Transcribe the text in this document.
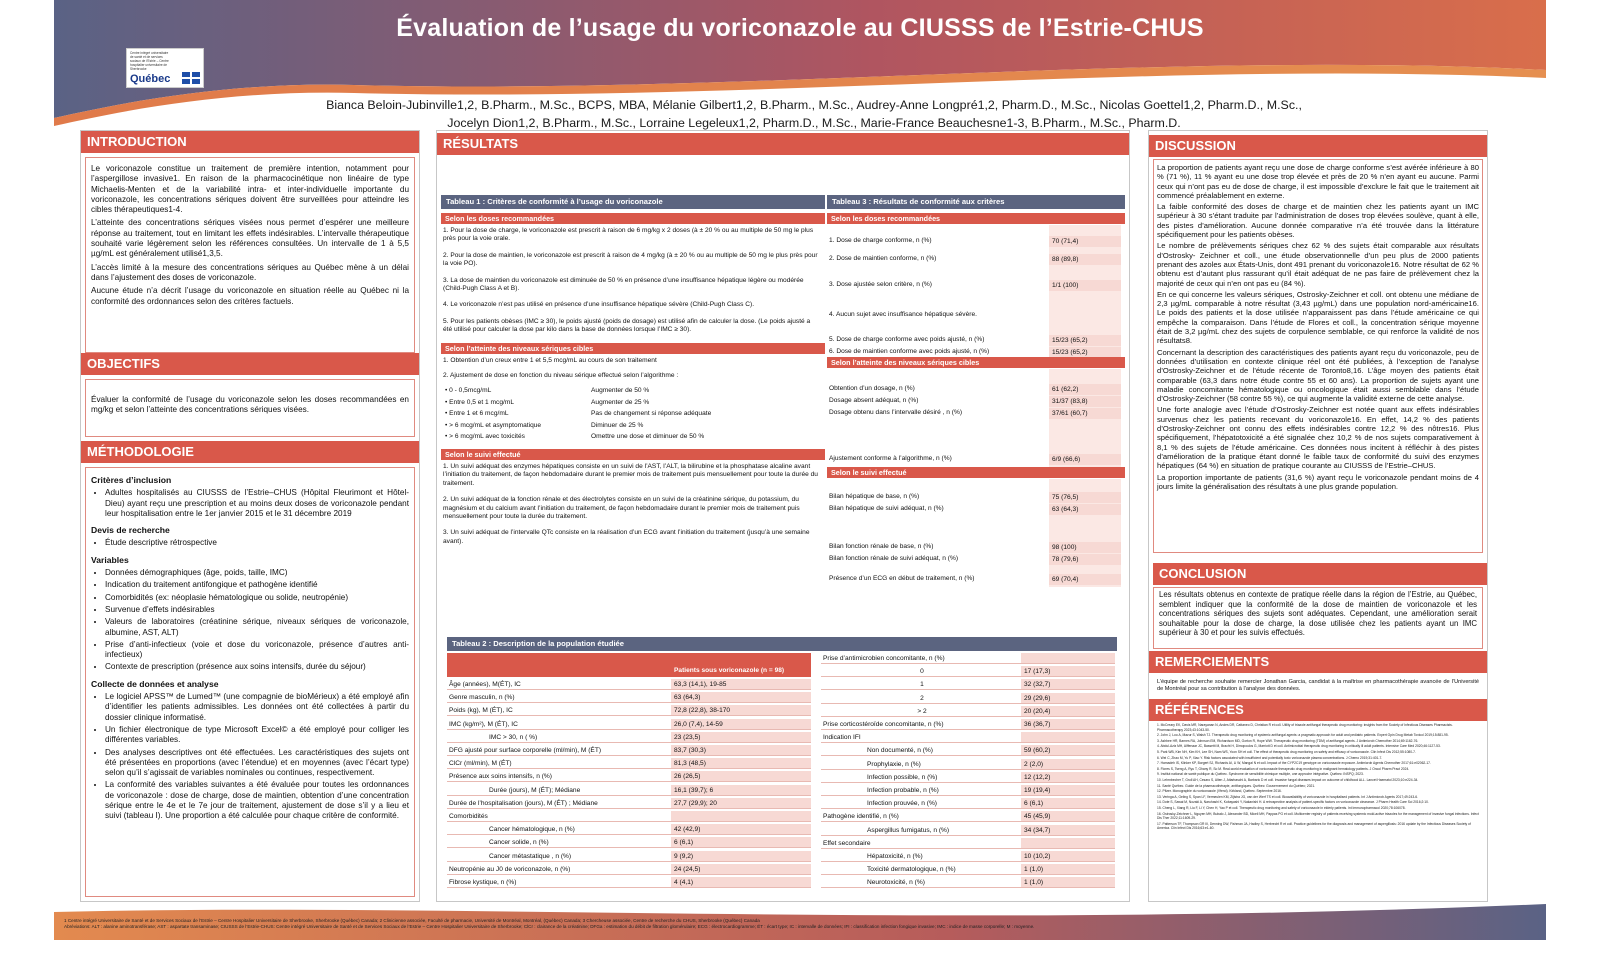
Évaluation de l’usage du voriconazole au CIUSSS de l’Estrie-CHUS
Centre intégré universitaire de santé et de services sociaux de l’Estrie – Centre hospitalier universitaire de Sherbrooke
Québec
Bianca Beloin-Jubinville1,2, B.Pharm., M.Sc., BCPS, MBA, Mélanie Gilbert1,2, B.Pharm., M.Sc., Audrey-Anne Longpré1,2, Pharm.D., M.Sc., Nicolas Goettel1,2, Pharm.D., M.Sc.,
Jocelyn Dion1,2, B.Pharm., M.Sc., Lorraine Legeleux1,2, Pharm.D., M.Sc., Marie-France Beauchesne1-3, B.Pharm., M.Sc., Pharm.D.
INTRODUCTION

Le voriconazole constitue un traitement de première intention, notamment pour l’aspergillose invasive1. En raison de la pharmacocinétique non linéaire de type Michaelis-Menten et de la variabilité intra- et inter-individuelle importante du voriconazole, les concentrations sériques doivent être surveillées pour atteindre les cibles thérapeutiques1-4.

L’atteinte des concentrations sériques visées nous permet d’espérer une meilleure réponse au traitement, tout en limitant les effets indésirables. L’intervalle thérapeutique souhaité varie légèrement selon les références consultées. Un intervalle de 1 à 5,5 µg/mL est généralement utilisé1,3,5.

L’accès limité à la mesure des concentrations sériques au Québec mène à un délai dans l’ajustement des doses de voriconazole.

Aucune étude n’a décrit l’usage du voriconazole en situation réelle au Québec ni la conformité des ordonnances selon des critères factuels.

OBJECTIFS
Évaluer la conformité de l’usage du voriconazole selon les doses recommandées en mg/kg et selon l’atteinte des concentrations sériques visées.
MÉTHODOLOGIE
Critères d’inclusion
• Adultes hospitalisés au CIUSSS de l’Estrie–CHUS (Hôpital Fleurimont et Hôtel-Dieu) ayant reçu une prescription et au moins deux doses de voriconazole pendant leur hospitalisation entre le 1er janvier 2015 et le 31 décembre 2019
Devis de recherche
• Étude descriptive rétrospective
Variables
• Données démographiques (âge, poids, taille, IMC)
• Indication du traitement antifongique et pathogène identifié
• Comorbidités (ex: néoplasie hématologique ou solide, neutropénie)
• Survenue d’effets indésirables
• Valeurs de laboratoires (créatinine sérique, niveaux sériques de voriconazole, albumine, AST, ALT)
• Prise d’anti-infectieux (voie et dose du voriconazole, présence d’autres anti-infectieux)
• Contexte de prescription (présence aux soins intensifs, durée du séjour)
Collecte de données et analyse
• Le logiciel APSS™ de Lumed™ (une compagnie de bioMérieux) a été employé afin d’identifier les patients admissibles. Les données ont été collectées à partir du dossier clinique informatisé.
• Un fichier électronique de type Microsoft Excel© a été employé pour colliger les différentes variables.
• Des analyses descriptives ont été effectuées. Les caractéristiques des sujets ont été présentées en proportions (avec l’étendue) et en moyennes (avec l’écart type) selon qu’il s’agissait de variables nominales ou continues, respectivement.
• La conformité des variables suivantes a été évaluée pour toutes les ordonnances de voriconazole : dose de charge, dose de maintien, obtention d’une concentration sérique entre le 4e et le 7e jour de traitement, ajustement de dose s’il y a lieu et suivi (tableau I). Une proportion a été calculée pour chaque critère de conformité.
RÉSULTATS
Tableau 1 : Critères de conformité à l’usage du voriconazole
Selon les doses recommandées
1. Pour la dose de charge, le voriconazole est prescrit à raison de 6 mg/kg x 2 doses (à ± 20 % ou au multiple de 50 mg le plus près pour la voie orale.
2. Pour la dose de maintien, le voriconazole est prescrit à raison de 4 mg/kg (à ± 20 % ou au multiple de 50 mg le plus près pour la voie PO).
3. La dose de maintien du voriconazole est diminuée de 50 % en présence d’une insuffisance hépatique légère ou modérée (Child-Pugh Class A et B).
4. Le voriconazole n’est pas utilisé en présence d’une insuffisance hépatique sévère (Child-Pugh Class C).
5. Pour les patients obèses (IMC ≥ 30), le poids ajusté (poids de dosage) est utilisé afin de calculer la dose. (Le poids ajusté a été utilisé pour calculer la dose par kilo dans la base de données lorsque l’IMC ≥ 30).
Selon l’atteinte des niveaux sériques cibles
1. Obtention d’un creux entre 1 et 5,5 mcg/mL au cours de son traitement
2. Ajustement de dose en fonction du niveau sérique effectué selon l’algorithme :
• 0 - 0,5mcg/mL	Augmenter de 50 %
• Entre 0,5 et 1 mcg/mL	Augmenter de 25 %
• Entre 1 et 6 mcg/mL	Pas de changement si réponse adéquate
• > 6 mcg/mL et asymptomatique	Diminuer de 25 %
• > 6 mcg/mL avec toxicités	Omettre une dose et diminuer de 50 %
Selon le suivi effectué
1. Un suivi adéquat des enzymes hépatiques consiste en un suivi de l’AST, l’ALT, la bilirubine et la phosphatase alcaline avant l’initiation du traitement, de façon hebdomadaire durant le premier mois de traitement puis mensuellement pour toute la durée du traitement.
2. Un suivi adéquat de la fonction rénale et des électrolytes consiste en un suivi de la créatinine sérique, du potassium, du magnésium et du calcium avant l’initiation du traitement, de façon hebdomadaire durant le premier mois de traitement puis mensuellement pour toute la durée du traitement.
3. Un suivi adéquat de l’intervalle QTc consiste en la réalisation d’un ECG avant l’initiation du traitement (jusqu’à une semaine avant).
Tableau 3 : Résultats de conformité aux critères
Selon les doses recommandées
1. Dose de charge conforme, n (%)	70 (71,4)
2. Dose de maintien conforme, n (%)	88 (89,8)
3. Dose ajustée selon critère, n (%)	1/1 (100)
4. Aucun sujet avec insuffisance hépatique sévère.
5. Dose de charge conforme avec poids ajusté, n (%)	15/23 (65,2)
6. Dose de maintien conforme avec poids ajusté, n (%)	15/23 (65,2)
Selon l’atteinte des niveaux sériques cibles
Obtention d’un dosage, n (%)	61 (62,2)
Dosage absent adéquat, n (%)	31/37 (83,8)
Dosage obtenu dans l’intervalle désiré , n (%)	37/61 (60,7)
Ajustement conforme à l’algorithme, n (%)	6/9 (66,6)
Selon le suivi effectué
Bilan hépatique de base, n (%)	75 (76,5)
Bilan hépatique de suivi adéquat, n (%)	63 (64,3)
Bilan fonction rénale de base, n (%)	98 (100)
Bilan fonction rénale de suivi adéquat, n (%)	78 (79,6)
Présence d’un ECG en début de traitement, n (%)	69 (70,4)
Tableau 2 : Description de la population étudiée
Patients sous voriconazole (n = 98)
Âge (années), M(ÉT), IC	63,3 (14,1), 19-85
Genre masculin, n (%)	63 (64,3)
Poids (kg), M (ÉT), IC	72,8 (22,8), 38-170
IMC (kg/m²), M (ÉT), IC	26,0 (7,4), 14-59
IMC > 30, n ( %)	23 (23,5)
DFG ajusté pour surface corporelle (ml/min), M (ÉT)	83,7 (30,3)
ClCr (ml/min), M (ÉT)	81,3 (48,5)
Présence aux soins intensifs, n (%)	26 (26,5)
Durée (jours), M (ÉT); Médiane	16,1 (39,7); 6
Durée de l’hospitalisation (jours), M (ÉT) ; Médiane	27,7 (29,9); 20
Comorbidités
Cancer hématologique, n (%)	42 (42,9)
Cancer solide, n (%)	6 (6,1)
Cancer métastatique , n (%)	9 (9,2)
Neutropénie au J0 de voriconazole, n (%)	24 (24,5)
Fibrose kystique, n (%)	4 (4,1)
Prise d’antimicrobien concomitante, n (%)
0	17 (17,3)
1	32 (32,7)
2	29 (29,6)
> 2	20 (20,4)
Prise corticostéroïde concomitante, n (%)	36 (36,7)
Indication IFI
Non documenté, n (%)	59 (60,2)
Prophylaxie, n (%)	2 (2,0)
Infection possible, n (%)	12 (12,2)
Infection probable, n (%)	19 (19,4)
Infection prouvée, n (%)	6 (6,1)
Pathogène identifié, n (%)	45 (45,9)
Aspergillus fumigatus, n (%)	34 (34,7)
Effet secondaire
Hépatoxicité, n (%)	10 (10,2)
Toxicité dermatologique, n (%)	1 (1,0)
Neurotoxicité, n (%)	1 (1,0)
DISCUSSION

La proportion de patients ayant reçu une dose de charge conforme s’est avérée inférieure à 80 % (71 %), 11 % ayant eu une dose trop élevée et près de 20 % n’en ayant eu aucune. Parmi ceux qui n’ont pas eu de dose de charge, il est impossible d’exclure le fait que le traitement ait commencé préalablement en externe.

La faible conformité des doses de charge et de maintien chez les patients ayant un IMC supérieur à 30 s’étant traduite par l’administration de doses trop élevées soulève, quant à elle, des pistes d’amélioration. Aucune donnée comparative n’a été trouvée dans la littérature spécifiquement pour les patients obèses.

Le nombre de prélèvements sériques chez 62 % des sujets était comparable aux résultats d’Ostrosky- Zeichner et coll., une étude observationnelle d’un peu plus de 2000 patients prenant des azoles aux États-Unis, dont 491 prenant du voriconazole16. Notre résultat de 62 % obtenu est d’autant plus rassurant qu’il était adéquat de ne pas faire de prélèvement chez la majorité de ceux qui n’en ont pas eu (84 %).

En ce qui concerne les valeurs sériques, Ostrosky-Zeichner et coll. ont obtenu une médiane de 2,3 µg/mL comparable à notre résultat (3,43 µg/mL) dans une population nord-américaine16. Le poids des patients et la dose utilisée n’apparaissent pas dans l’étude américaine ce qui empêche la comparaison. Dans l’étude de Flores et coll., la concentration sérique moyenne était de 3,2 µg/mL chez des sujets de corpulence semblable, ce qui renforce la validité de nos résultats8.

Concernant la description des caractéristiques des patients ayant reçu du voriconazole, peu de données d’utilisation en contexte clinique réel ont été publiées, à l’exception de l’analyse d’Ostrosky-Zeichner et de l’étude récente de Toronto8,16. L’âge moyen des patients était comparable (63,3 dans notre étude contre 55 et 60 ans). La proportion de sujets ayant une maladie concomitante hématologique ou oncologique était aussi semblable dans l’étude d’Ostrosky-Zeichner (58 contre 55 %), ce qui augmente la validité externe de cette analyse.

Une forte analogie avec l’étude d’Ostrosky-Zeichner est notée quant aux effets indésirables survenus chez les patients recevant du voriconazole16. En effet, 14,2 % des patients d’Ostrosky-Zeichner ont connu des effets indésirables contre 12,2 % des nôtres16. Plus spécifiquement, l’hépatotoxicité a été signalée chez 10,2 % de nos sujets comparativement à 8,1 % des sujets de l’étude américaine. Ces données nous incitent à réfléchir à des pistes d’amélioration de la pratique étant donné le faible taux de conformité du suivi des enzymes hépatiques (64 %) en situation de pratique courante au CIUSSS de l’Estrie–CHUS.

La proportion importante de patients (31,6 %) ayant reçu le voriconazole pendant moins de 4 jours limite la généralisation des résultats à une plus grande population.

CONCLUSION
Les résultats obtenus en contexte de pratique réelle dans la région de l’Estrie, au Québec, semblent indiquer que la conformité de la dose de maintien de voriconazole et les concentrations sériques des sujets sont adéquates. Cependant, une amélioration serait souhaitable pour la dose de charge, la dose utilisée chez les patients ayant un IMC supérieur à 30 et pour les suivis effectués.
REMERCIEMENTS
L’équipe de recherche souhaite remercier Jonathan Garcia, candidat à la maîtrise en pharmacothérapie avancée de l’Université de Montréal pour sa contribution à l’analyse des données.
RÉFÉRENCES
1. McCreary EK, Davis MR, Narayanan N, Andes DR, Cattaneo D, Christian R et coll. Utility of triazole antifungal therapeutic drug monitoring: insights from the Society of Infectious Diseases Pharmacists. Pharmacotherapy 2023;43:1043-50.
2. John J, Loo A, Mazur S, Walsh TJ. Therapeutic drug monitoring of systemic antifungal agents: a pragmatic approach for adult and pediatric patients. Expert Opin Drug Metab Toxicol 2019;15:881-95.
3. Ashbee HR, Barnes RA, Johnson EM, Richardson MD, Gorton R, Hope WW. Therapeutic drug monitoring (TDM) of antifungal agents. J Antimicrob Chemother 2014;69:1162-76.
4. Abdul-Aziz MH, Alffenaar JC, Bassetti M, Bracht H, Dimopoulos G, Marriott D et coll. Antimicrobial therapeutic drug monitoring in critically ill adult patients. Intensive Care Med 2020;46:1127-53.
5. Park WB, Kim NH, Kim KH, Lee SH, Nam WS, Yoon SH et coll. The effect of therapeutic drug monitoring on safety and efficacy of voriconazole. Clin Infect Dis 2012;55:1080-7.
6. Wei C, Zhao M, Yu P, Xiao Y. Risk factors associated with insufficient and potentially toxic voriconazole plasma concentrations. J Chemo 2019;31:401-7.
7. Hamadeh IS, Klinker KP, Borgert SJ, Richards AI, Li W, Mangal N et coll. Impact of the CYP2C19 genotype on voriconazole exposure. Antimicrob Agents Chemother 2017;61:e02062-17.
8. Flores S, Tseng A, Ryu T, Ghany R, So M. Real-world evaluation of voriconazole therapeutic drug monitoring in malignant hematology patients. J Oncol Pharm Pract 2024.
9. Institut national de santé publique du Québec. Syndrome de sensibilité chimique multiple, une approche intégrative. Québec: INSPQ; 2023.
10. Lehrnbecher T, Groll AH, Cesaro S, Alten J, Attarbaschi A, Barbaric D et coll. Invasive fungal diseases impact on outcome of childhood ALL. Lancet Haematol 2023;10:e224-34.
11. Santé Québec. Guide de la pharmacothérapie, antifongiques. Québec: Gouvernement du Québec; 2021.
12. Pfizer. Monographie du voriconazole (Vfend). Kirkland, Québec. Septembre 2016.
13. Veringa A, Geling S, Span LF, Vermeulen KM, Zijlstra JG, van der Werf TS et coll. Bioavailability of voriconazole in hospitalised patients. Int J Antimicrob Agents 2017;49:243-6.
14. Dote S, Sawai M, Nozaki A, Naruhashi K, Kobayashi Y, Nakanishi H. A retrospective analysis of patient-specific factors on voriconazole clearance. J Pharm Health Care Sci 2016;2:10.
15. Cheng L, Xiang R, Liu F, Li Y, Chen H, Yao P et coll. Therapeutic drug monitoring and safety of voriconazole in elderly patients. Int Immunopharmacol 2020;78:106078.
16. Ostrosky-Zeichner L, Nguyen MH, Bubalo J, Alexander BD, Miceli MH, Pappas PG et coll. Multicenter registry of patients receiving systemic mold-active triazoles for the management of invasive fungal infections. Infect Dis Ther 2022;11:1609-29.
17. Patterson TF, Thompson GR III, Denning DW, Fishman JA, Hadley S, Herbrecht R et coll. Practice guidelines for the diagnosis and management of aspergillosis: 2016 update by the Infectious Diseases Society of America. Clin Infect Dis 2016;63:e1-60.
1 Centre intégré Universitaire de Santé et de Services Sociaux de l’Estrie – Centre Hospitalier Universitaire de Sherbrooke, Sherbrooke (Québec) Canada; 2 Clinicienne associée, Faculté de pharmacie, Université de Montréal, Montréal, (Québec) Canada; 3 Chercheuse associée, Centre de recherche du CHUS, Sherbrooke (Québec) Canada
Abréviations: ALT : alanine aminotransférase; AST : aspartate transaminase; CIUSSS de l’Estrie-CHUS: Centre intégré Universitaire de Santé et de Services Sociaux de l’Estrie – Centre Hospitalier Universitaire de Sherbrooke; ClCr : clairance de la créatinine; DFGa : estimation du débit de filtration glomérulaire; ECG : électrocardiogramme; ÉT : écart type; IC : intervalle de données; IFI : classification infection fongique invasive; IMC : indice de masse corporelle; M : moyenne.
